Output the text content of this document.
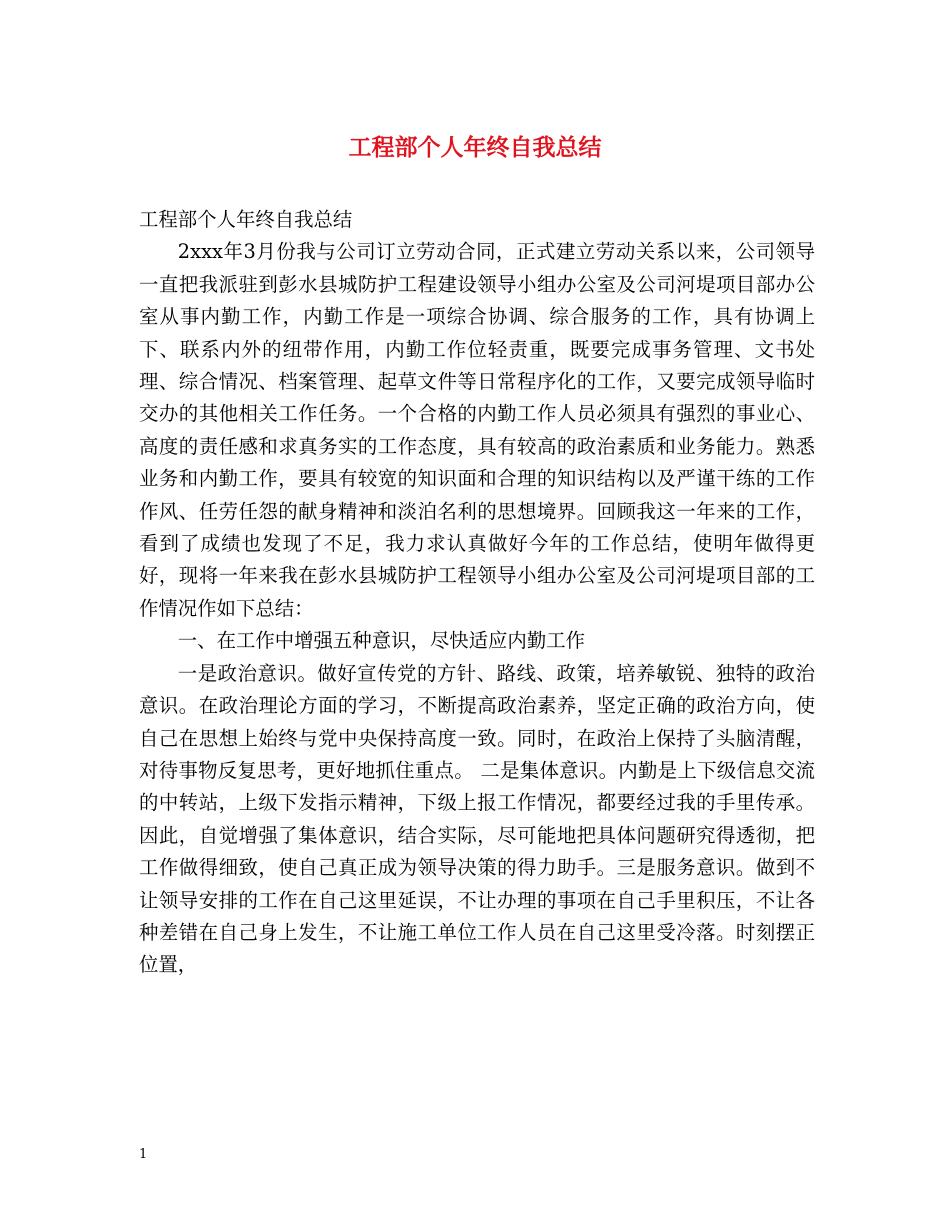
工程部个人年终自我总结

工程部个人年终自我总结

2xxx年3月份我与公司订立劳动合同，正式建立劳动关系以来，公司领导一直把我派驻到彭水县城防护工程建设领导小组办公室及公司河堤项目部办公室从事内勤工作，内勤工作是一项综合协调、综合服务的工作，具有协调上下、联系内外的纽带作用，内勤工作位轻责重，既要完成事务管理、文书处理、综合情况、档案管理、起草文件等日常程序化的工作，又要完成领导临时交办的其他相关工作任务。一个合格的内勤工作人员必须具有强烈的事业心、高度的责任感和求真务实的工作态度，具有较高的政治素质和业务能力。熟悉业务和内勤工作，要具有较宽的知识面和合理的知识结构以及严谨干练的工作作风、任劳任怨的献身精神和淡泊名利的思想境界。回顾我这一年来的工作，看到了成绩也发现了不足，我力求认真做好今年的工作总结，使明年做得更好，现将一年来我在彭水县城防护工程领导小组办公室及公司河堤项目部的工作情况作如下总结：

一、在工作中增强五种意识，尽快适应内勤工作

一是政治意识。做好宣传党的方针、路线、政策，培养敏锐、独特的政治意识。在政治理论方面的学习，不断提高政治素养，坚定正确的政治方向，使自己在思想上始终与党中央保持高度一致。同时，在政治上保持了头脑清醒，对待事物反复思考，更好地抓住重点。 二是集体意识。内勤是上下级信息交流的中转站，上级下发指示精神，下级上报工作情况，都要经过我的手里传承。因此，自觉增强了集体意识，结合实际，尽可能地把具体问题研究得透彻，把工作做得细致，使自己真正成为领导决策的得力助手。三是服务意识。做到不让领导安排的工作在自己这里延误，不让办理的事项在自己手里积压，不让各种差错在自己身上发生，不让施工单位工作人员在自己这里受冷落。时刻摆正位置，

1
